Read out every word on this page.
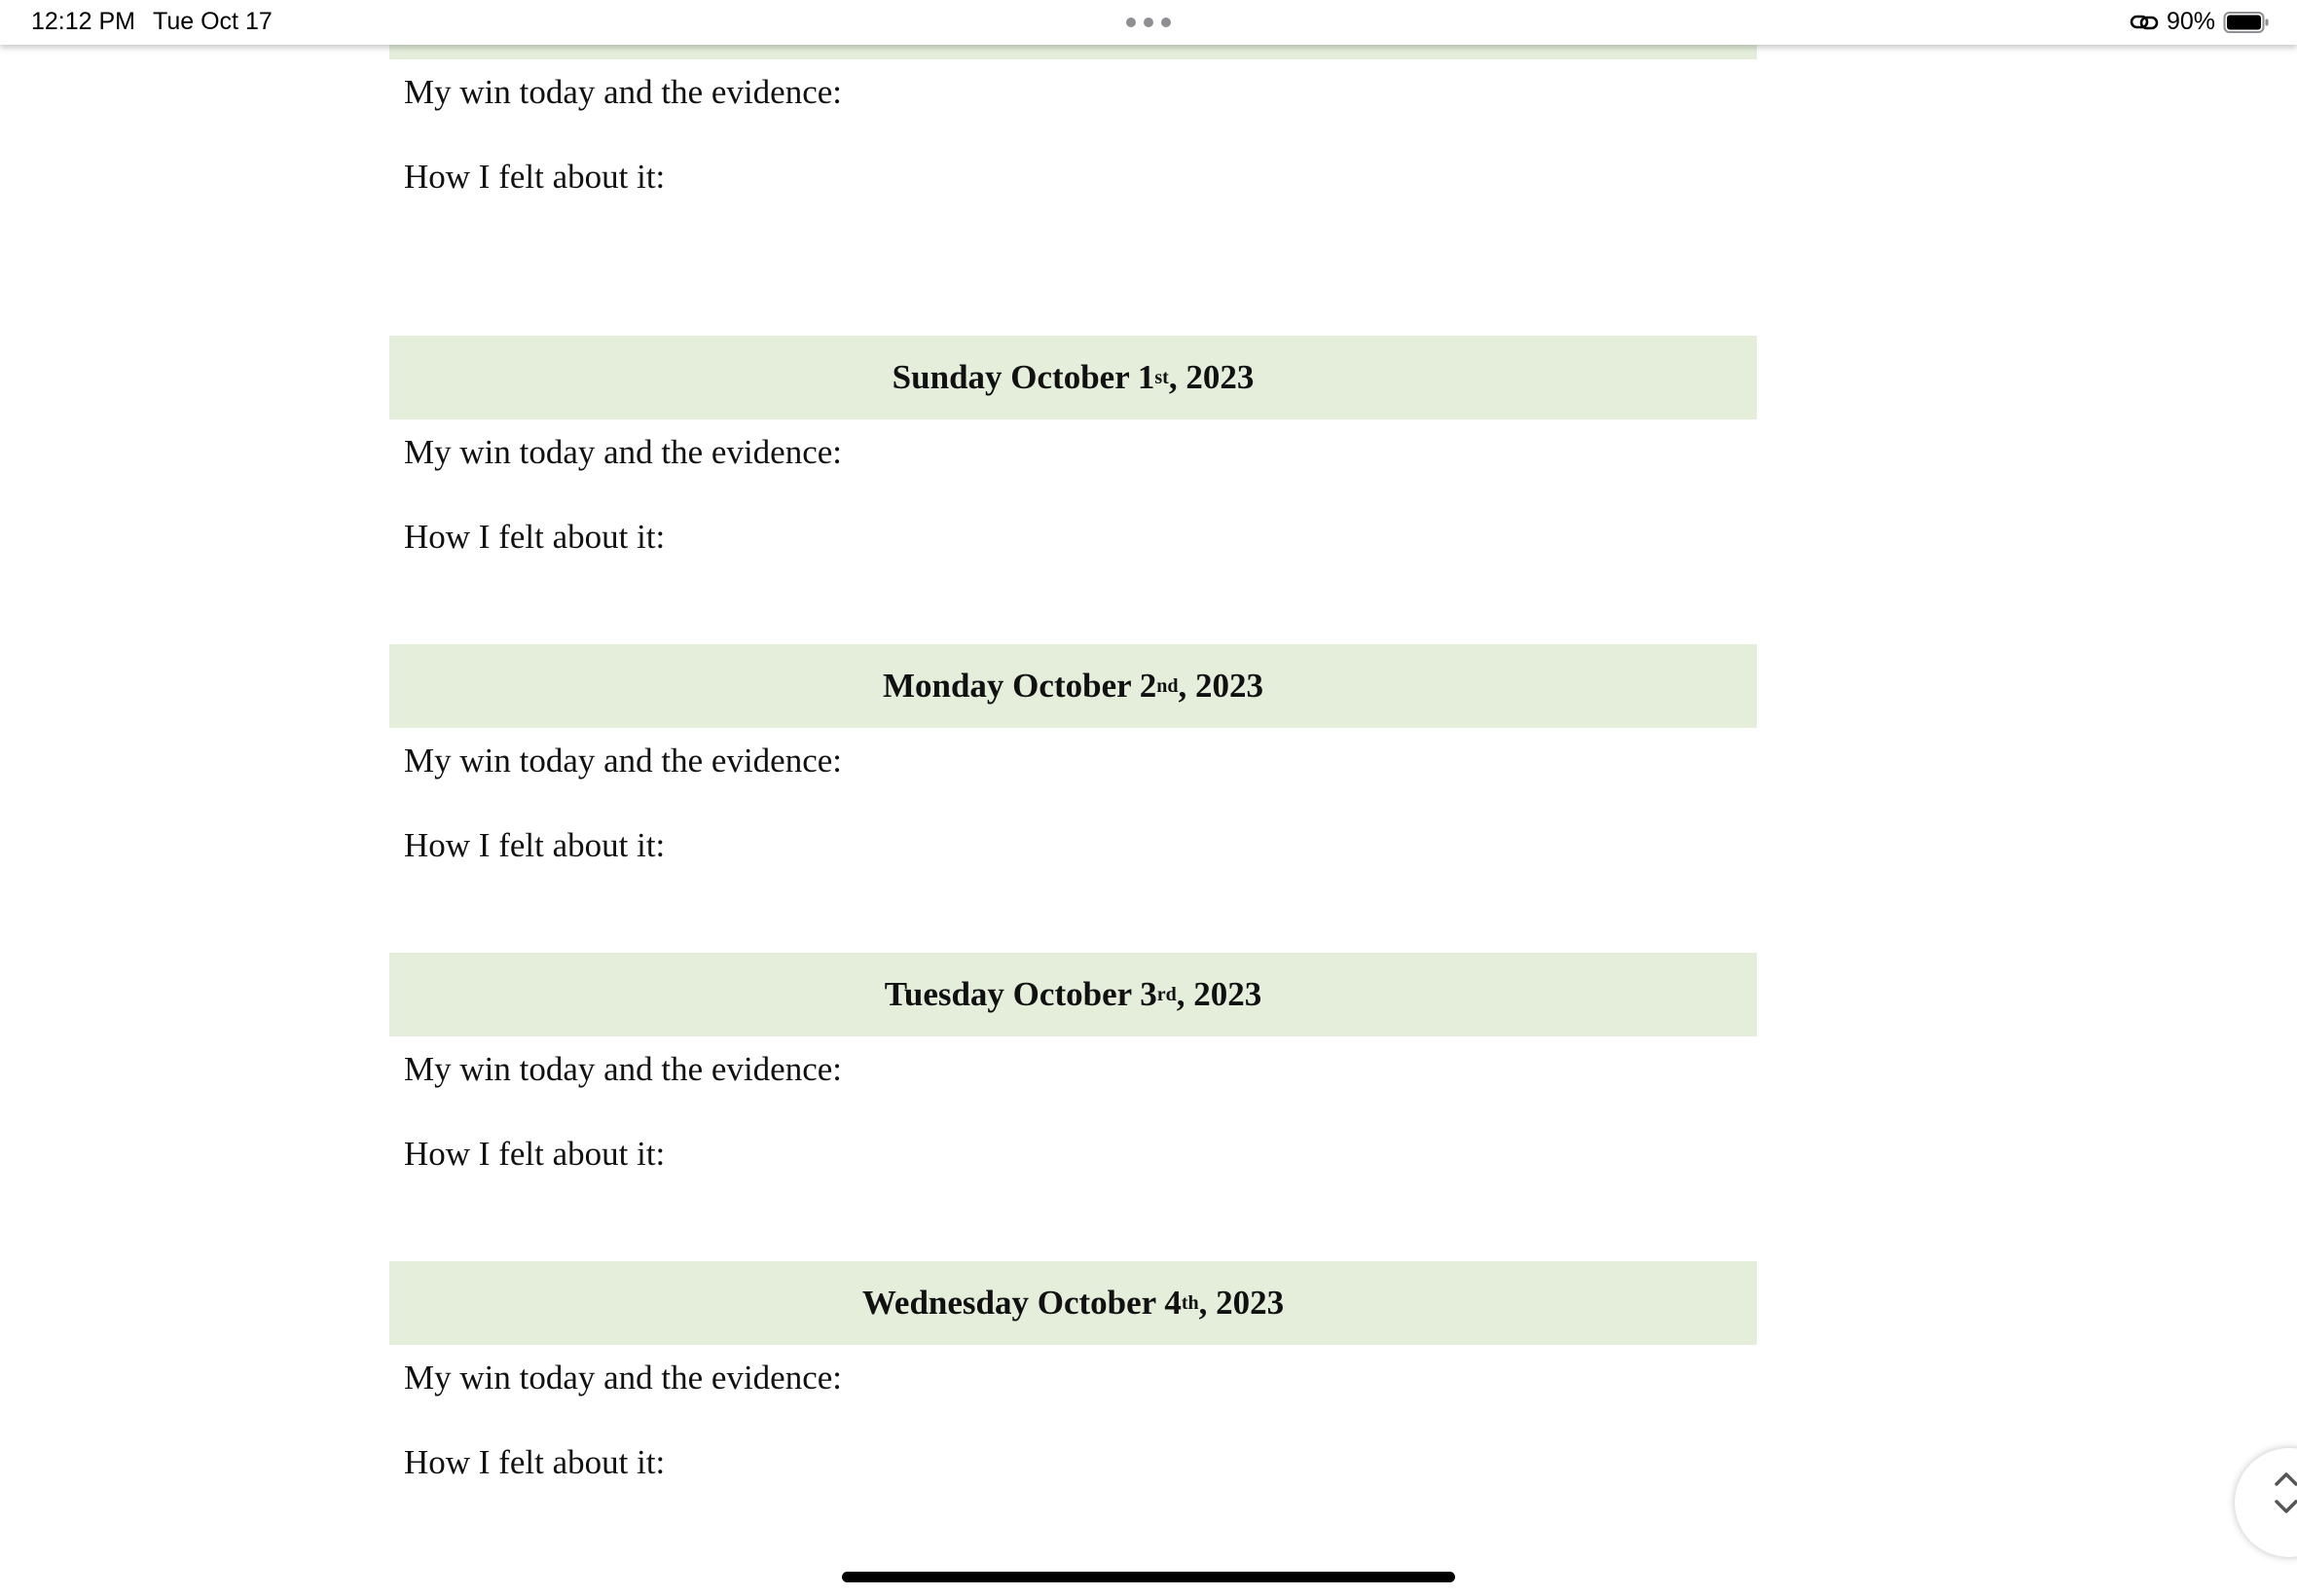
12:12 PM Tue Oct 17	90%
My win today and the evidence:
How I felt about it:
Sunday October 1 st , 2023
My win today and the evidence:
How I felt about it:
Monday October 2 nd , 2023
My win today and the evidence:
How I felt about it:
Tuesday October 3 rd , 2023
My win today and the evidence:
How I felt about it:
Wednesday October 4 th , 2023
My win today and the evidence:
How I felt about it:
